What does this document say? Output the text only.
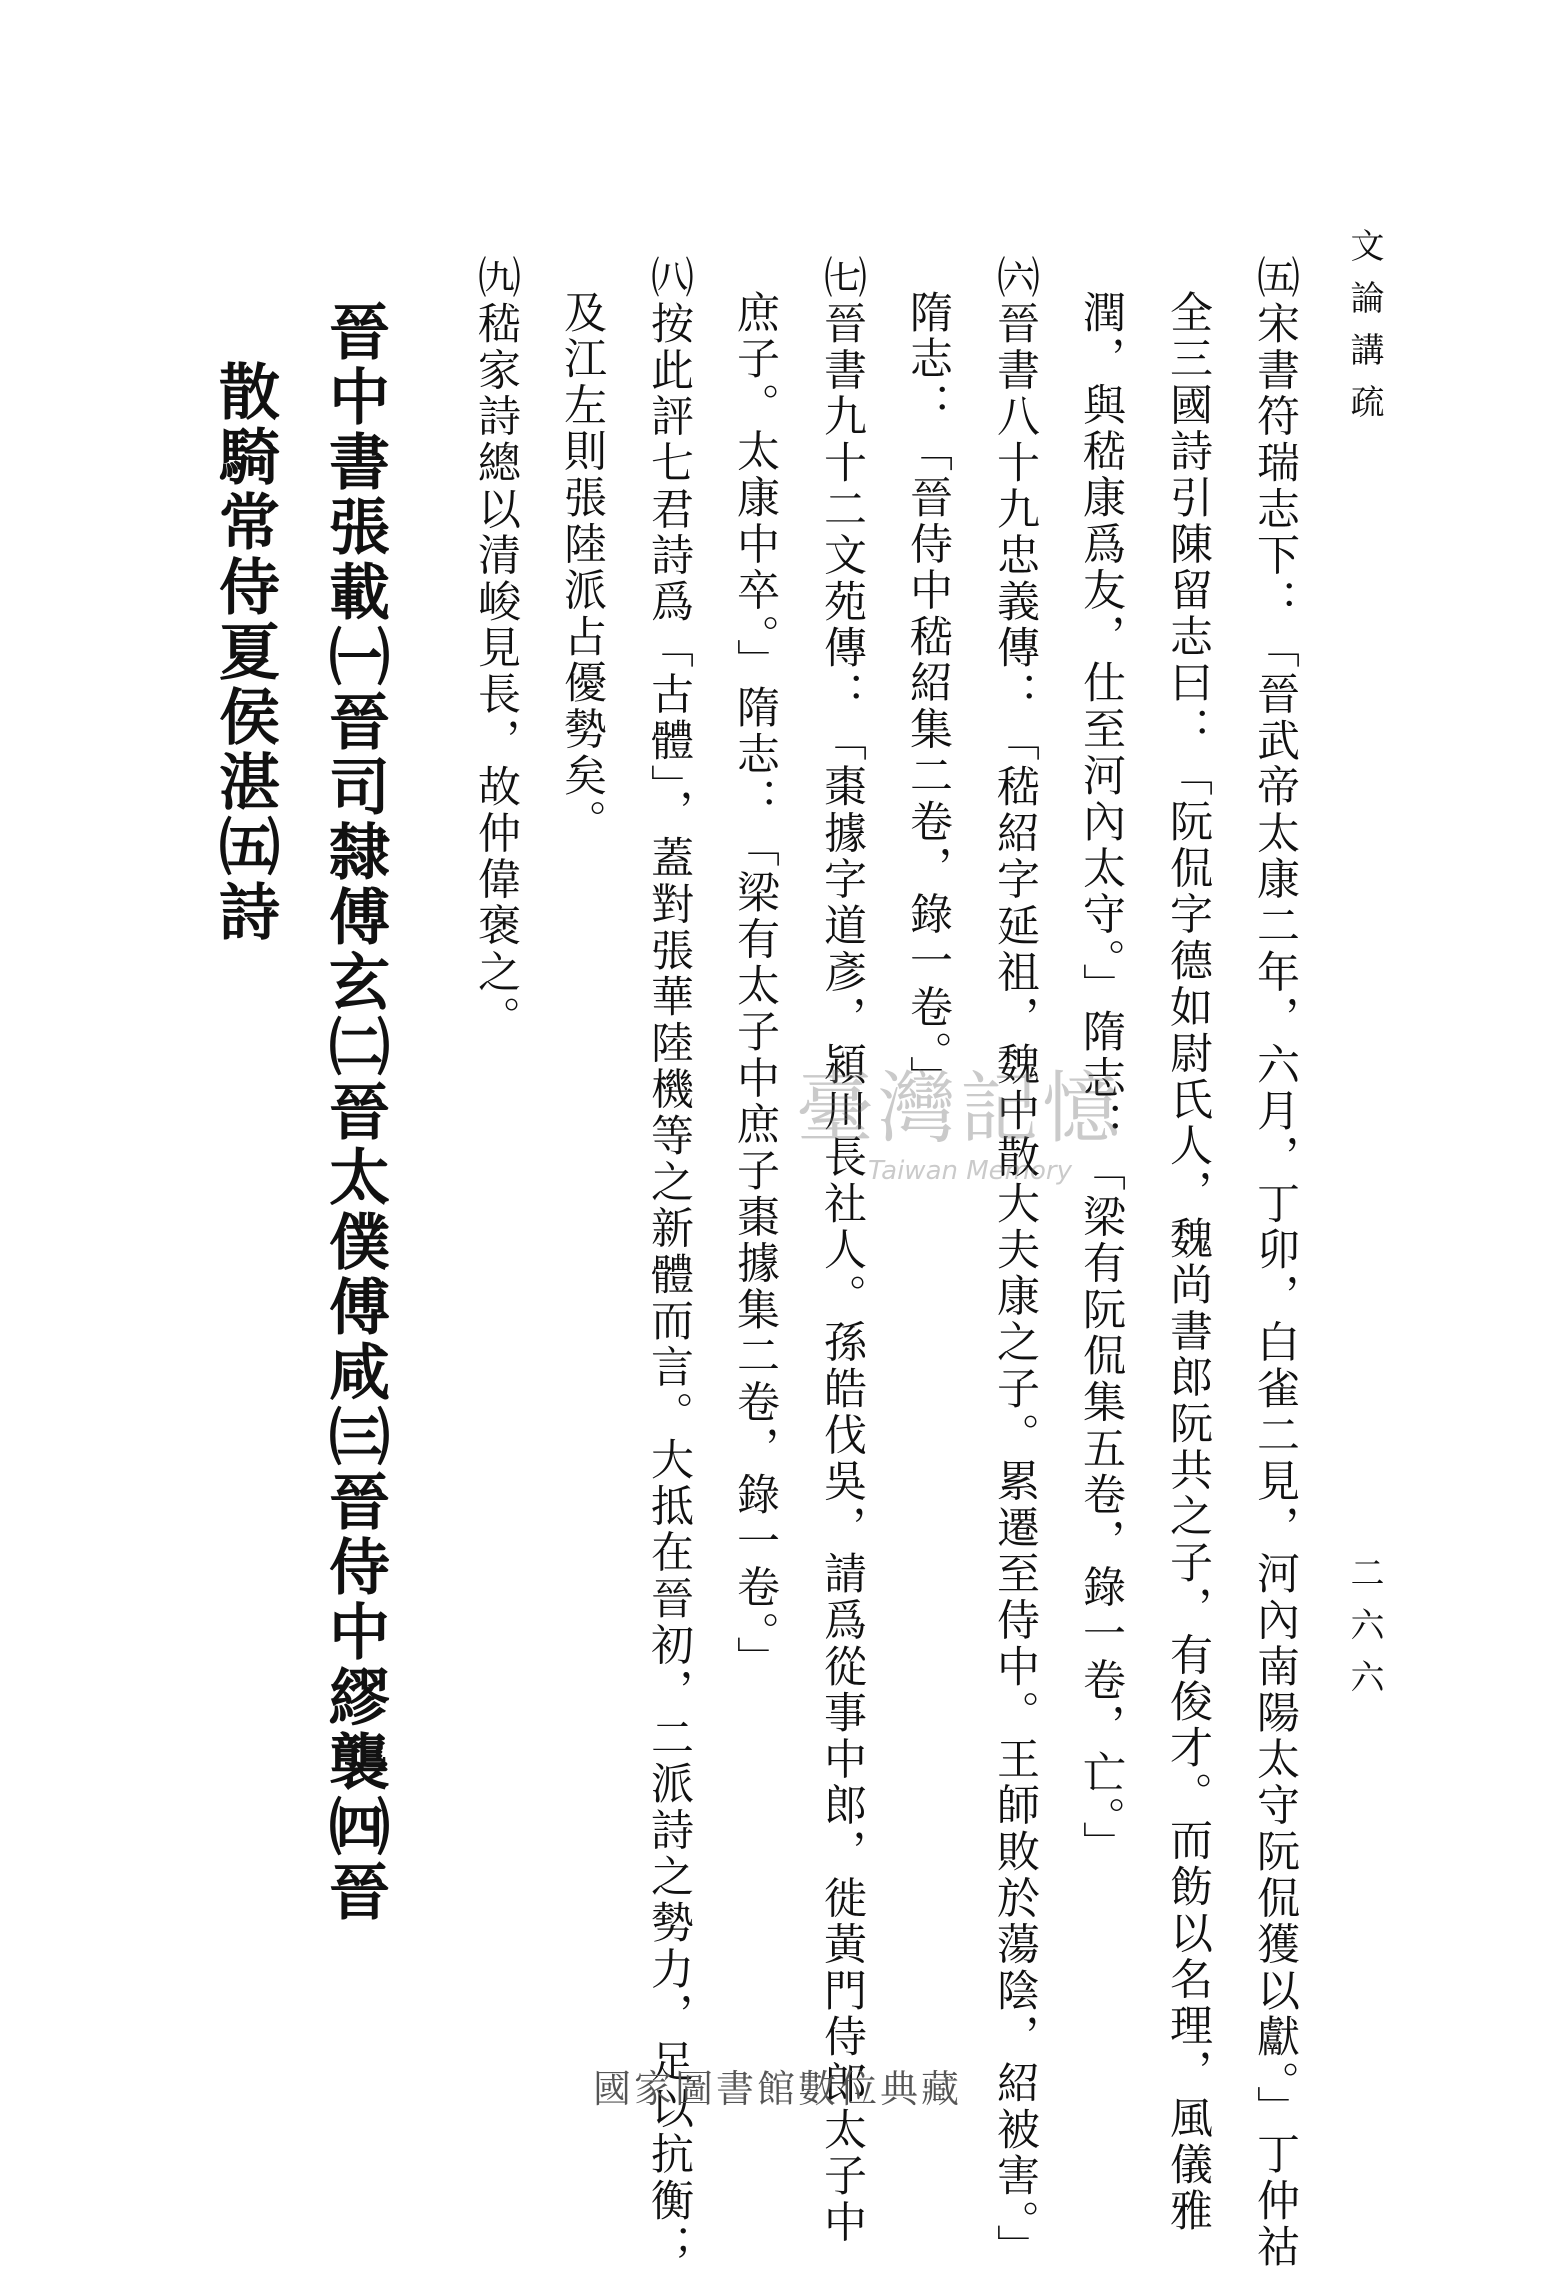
文論講疏
二六六
㈤宋書符瑞志下：「晉武帝太康二年，六月，丁卯，白雀二見，河內南陽太守阮侃獲以獻。」丁仲祜
全三國詩引陳留志曰：「阮侃字德如尉氏人，魏尚書郎阮共之子，有俊才。而飭以名理，風儀雅
潤，與嵇康爲友，仕至河內太守。」隋志：「梁有阮侃集五卷，錄一卷，亡。」
㈥晉書八十九忠義傳：「嵇紹字延祖，魏中散大夫康之子。累遷至侍中。王師敗於蕩陰，紹被害。」
隋志：「晉侍中嵇紹集二卷，錄一卷。」
㈦晉書九十二文苑傳：「棗據字道彥，潁川長社人。孫皓伐吳，請爲從事中郎，徙黃門侍郎太子中
庶子。太康中卒。」隋志：「梁有太子中庶子棗據集二卷，錄一卷。」
㈧按此評七君詩爲「古體」，蓋對張華陸機等之新體而言。大抵在晉初，二派詩之勢力，足以抗衡；
及江左則張陸派占優勢矣。
㈨嵇家詩總以清峻見長，故仲偉褒之。
晉中書張載㈠晉司隸傅玄㈡晉太僕傅咸㈢晉侍中繆襲㈣晉
散騎常侍夏侯湛㈤詩
臺灣記憶
Taiwan Memory
國家圖書館數位典藏
